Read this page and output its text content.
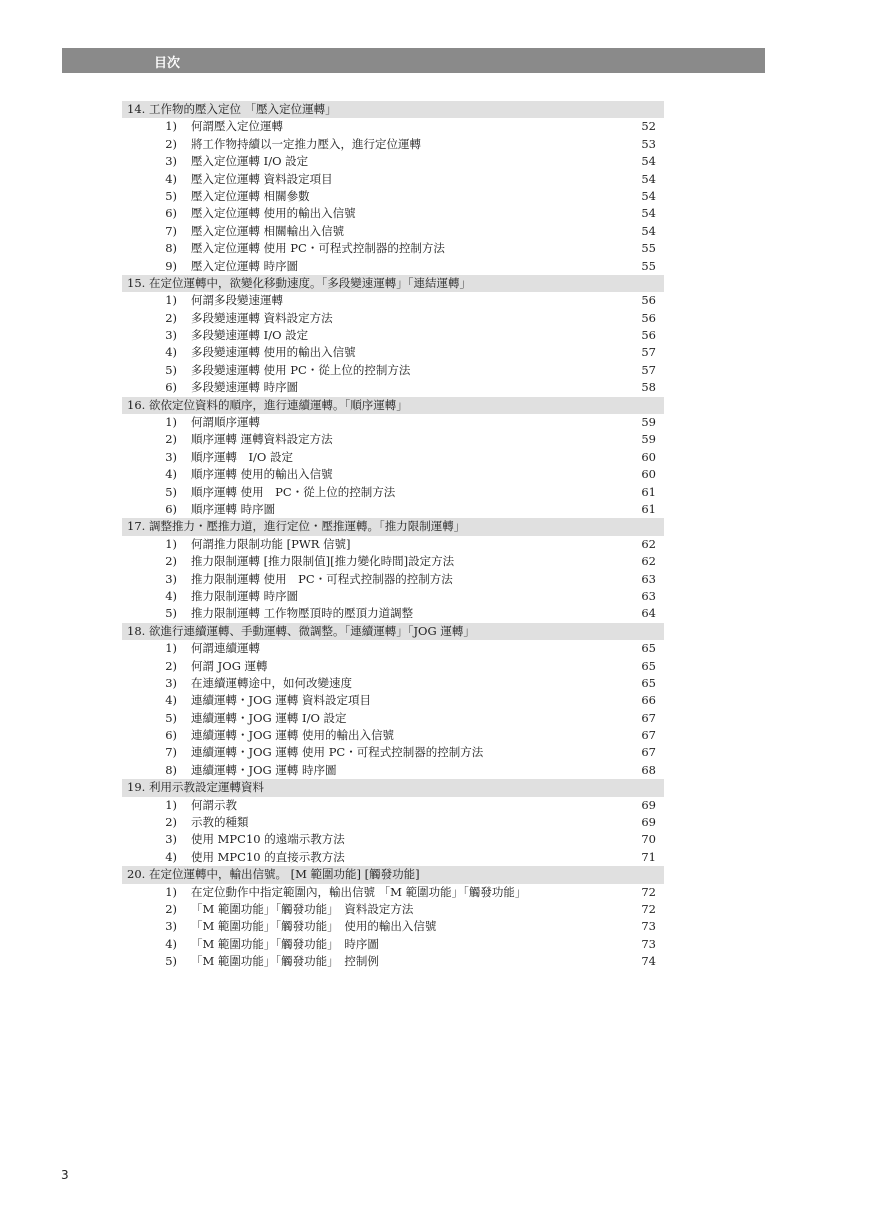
目次
14. 工作物的壓入定位 「壓入定位運轉」
1) 何謂壓入定位運轉	52
2) 將工作物持續以一定推力壓入，進行定位運轉	53
3) 壓入定位運轉 I/O 設定	54
4) 壓入定位運轉 資料設定項目	54
5) 壓入定位運轉 相關參數	54
6) 壓入定位運轉 使用的輸出入信號	54
7) 壓入定位運轉 相關輸出入信號	54
8) 壓入定位運轉 使用 PC・可程式控制器的控制方法	55
9) 壓入定位運轉 時序圖	55
15. 在定位運轉中，欲變化移動速度。「多段變速運轉」「連結運轉」
1) 何謂多段變速運轉	56
2) 多段變速運轉 資料設定方法	56
3) 多段變速運轉 I/O 設定	56
4) 多段變速運轉 使用的輸出入信號	57
5) 多段變速運轉 使用 PC・從上位的控制方法	57
6) 多段變速運轉 時序圖	58
16. 欲依定位資料的順序，進行連續運轉。「順序運轉」
1) 何謂順序運轉	59
2) 順序運轉 運轉資料設定方法	59
3) 順序運轉　I/O 設定	60
4) 順序運轉 使用的輸出入信號	60
5) 順序運轉 使用　PC・從上位的控制方法	61
6) 順序運轉 時序圖	61
17. 調整推力・壓推力道，進行定位・壓推運轉。「推力限制運轉」
1) 何謂推力限制功能 [PWR 信號]	62
2) 推力限制運轉 [推力限制值][推力變化時間]設定方法	62
3) 推力限制運轉 使用　PC・可程式控制器的控制方法	63
4) 推力限制運轉 時序圖	63
5) 推力限制運轉 工作物壓頂時的壓頂力道調整	64
18. 欲進行連續運轉、手動運轉、微調整。「連續運轉」「JOG 運轉」
1) 何謂連續運轉	65
2) 何謂 JOG 運轉	65
3) 在連續運轉途中，如何改變速度	65
4) 連續運轉・JOG 運轉 資料設定項目	66
5) 連續運轉・JOG 運轉 I/O 設定	67
6) 連續運轉・JOG 運轉 使用的輸出入信號	67
7) 連續運轉・JOG 運轉 使用 PC・可程式控制器的控制方法	67
8) 連續運轉・JOG 運轉 時序圖	68
19. 利用示教設定運轉資料
1) 何謂示教	69
2) 示教的種類	69
3) 使用 MPC10 的遠端示教方法	70
4) 使用 MPC10 的直接示教方法	71
20. 在定位運轉中，輸出信號。 [M 範圍功能] [觸發功能]
1) 在定位動作中指定範圍內，輸出信號 「M 範圍功能」「觸發功能」	72
2) 「M 範圍功能」「觸發功能」　資料設定方法	72
3) 「M 範圍功能」「觸發功能」　使用的輸出入信號	73
4) 「M 範圍功能」「觸發功能」　時序圖	73
5) 「M 範圍功能」「觸發功能」　控制例	74
3
